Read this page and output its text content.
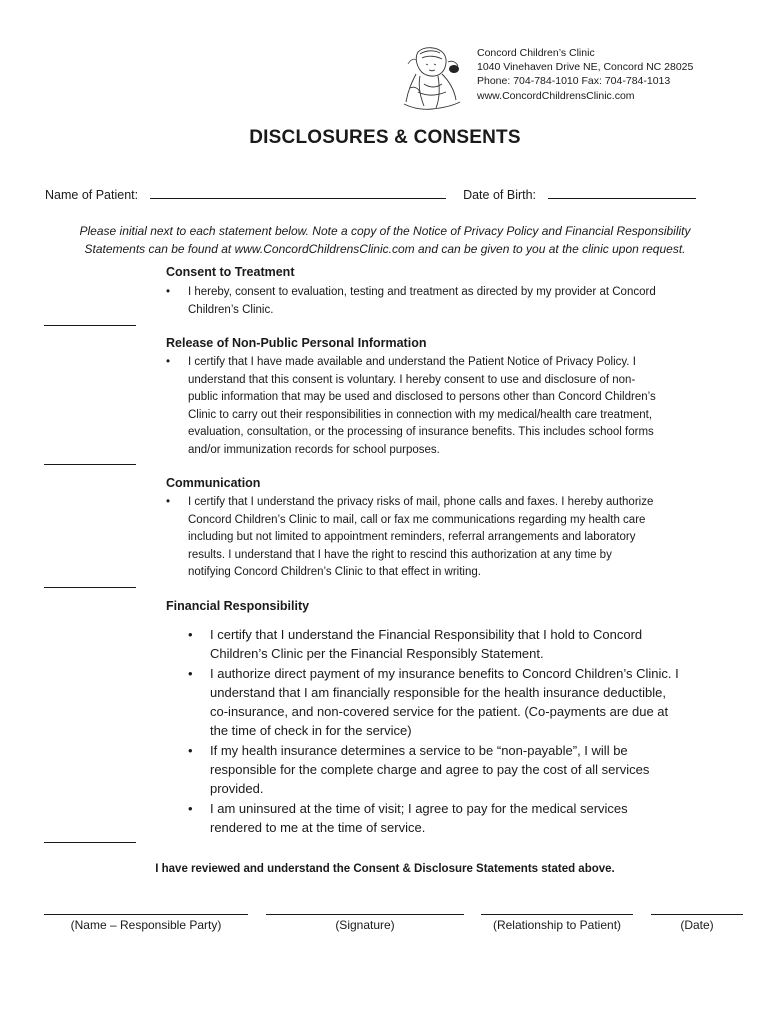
Concord Children’s Clinic
1040 Vinehaven Drive NE, Concord NC 28025
Phone: 704-784-1010 Fax: 704-784-1013
www.ConcordChildrensClinic.com
DISCLOSURES & CONSENTS
Name of Patient:	Date of Birth:
Please initial next to each statement below. Note a copy of the Notice of Privacy Policy and Financial Responsibility
Statements can be found at www.ConcordChildrensClinic.com and can be given to you at the clinic upon request.
Consent to Treatment
• I hereby, consent to evaluation, testing and treatment as directed by my provider at Concord
Children’s Clinic.
Release of Non-Public Personal Information
• I certify that I have made available and understand the Patient Notice of Privacy Policy. I
understand that this consent is voluntary. I hereby consent to use and disclosure of non-
public information that may be used and disclosed to persons other than Concord Children’s
Clinic to carry out their responsibilities in connection with my medical/health care treatment,
evaluation, consultation, or the processing of insurance benefits. This includes school forms
and/or immunization records for school purposes.
Communication
• I certify that I understand the privacy risks of mail, phone calls and faxes. I hereby authorize
Concord Children’s Clinic to mail, call or fax me communications regarding my health care
including but not limited to appointment reminders, referral arrangements and laboratory
results. I understand that I have the right to rescind this authorization at any time by
notifying Concord Children’s Clinic to that effect in writing.
Financial Responsibility
• I certify that I understand the Financial Responsibility that I hold to Concord
Children’s Clinic per the Financial Responsibly Statement.
• I authorize direct payment of my insurance benefits to Concord Children’s Clinic. I
understand that I am financially responsible for the health insurance deductible,
co-insurance, and non-covered service for the patient. (Co-payments are due at
the time of check in for the service)
• If my health insurance determines a service to be “non-payable”, I will be
responsible for the complete charge and agree to pay the cost of all services
provided.
• I am uninsured at the time of visit; I agree to pay for the medical services
rendered to me at the time of service.
I have reviewed and understand the Consent & Disclosure Statements stated above.
(Name – Responsible Party)	(Signature)	(Relationship to Patient)	(Date)
